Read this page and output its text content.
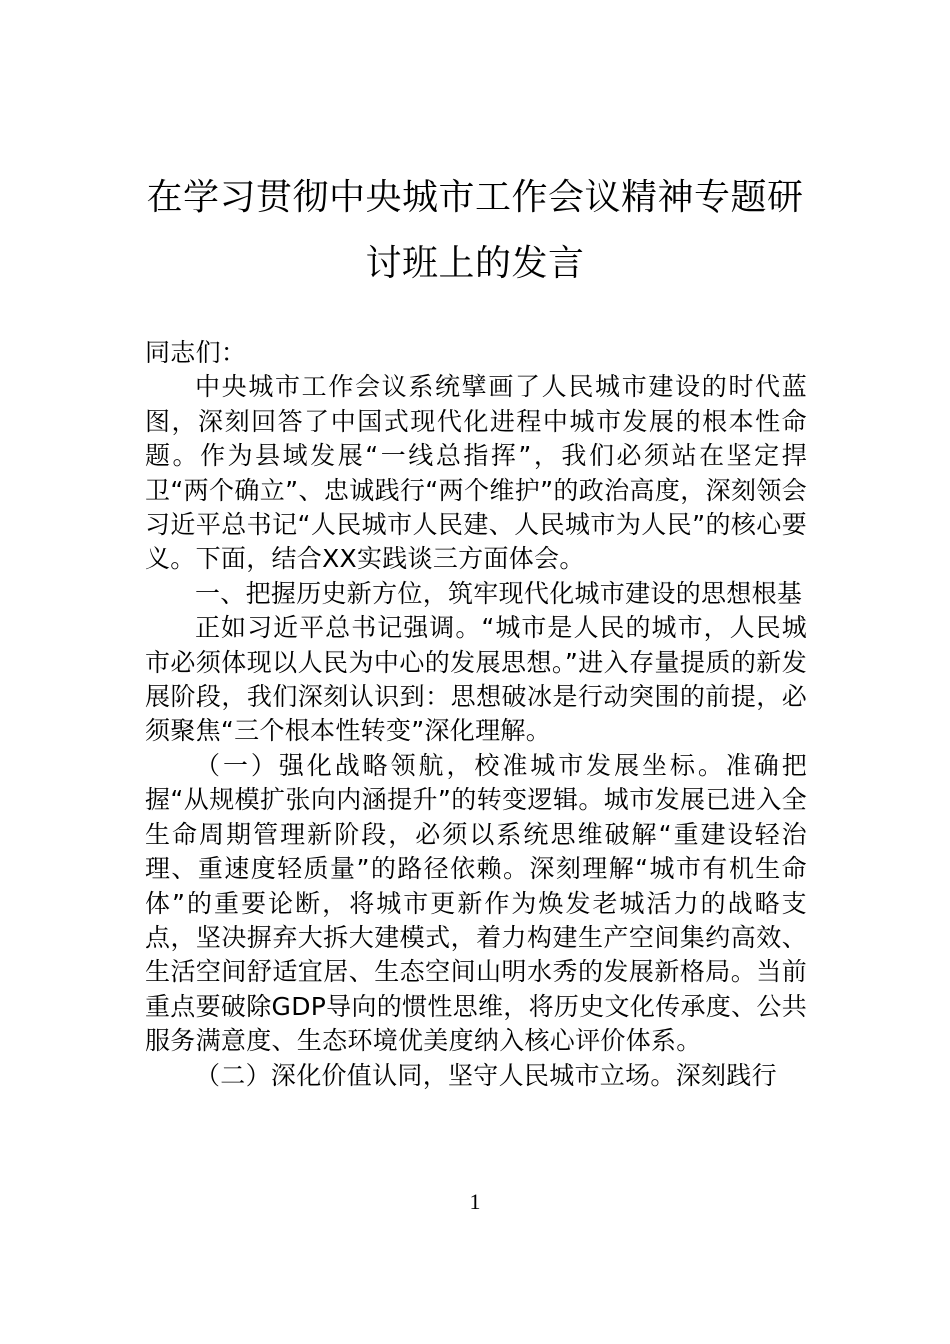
在学习贯彻中央城市工作会议精神专题研讨班上的发言

同志们：

中央城市工作会议系统擘画了人民城市建设的时代蓝图，深刻回答了中国式现代化进程中城市发展的根本性命题。作为县域发展“一线总指挥”，我们必须站在坚定捍卫“两个确立”、忠诚践行“两个维护”的政治高度，深刻领会习近平总书记“人民城市人民建、人民城市为人民”的核心要义。下面，结合XX实践谈三方面体会。

一、把握历史新方位，筑牢现代化城市建设的思想根基

正如习近平总书记强调。“城市是人民的城市，人民城市必须体现以人民为中心的发展思想。”进入存量提质的新发展阶段，我们深刻认识到：思想破冰是行动突围的前提，必须聚焦“三个根本性转变”深化理解。

（一）强化战略领航，校准城市发展坐标。准确把握“从规模扩张向内涵提升”的转变逻辑。城市发展已进入全生命周期管理新阶段，必须以系统思维破解“重建设轻治理、重速度轻质量”的路径依赖。深刻理解“城市有机生命体”的重要论断，将城市更新作为焕发老城活力的战略支点，坚决摒弃大拆大建模式，着力构建生产空间集约高效、生活空间舒适宜居、生态空间山明水秀的发展新格局。当前重点要破除GDP导向的惯性思维，将历史文化传承度、公共服务满意度、生态环境优美度纳入核心评价体系。

（二）深化价值认同，坚守人民城市立场。深刻践行

1
